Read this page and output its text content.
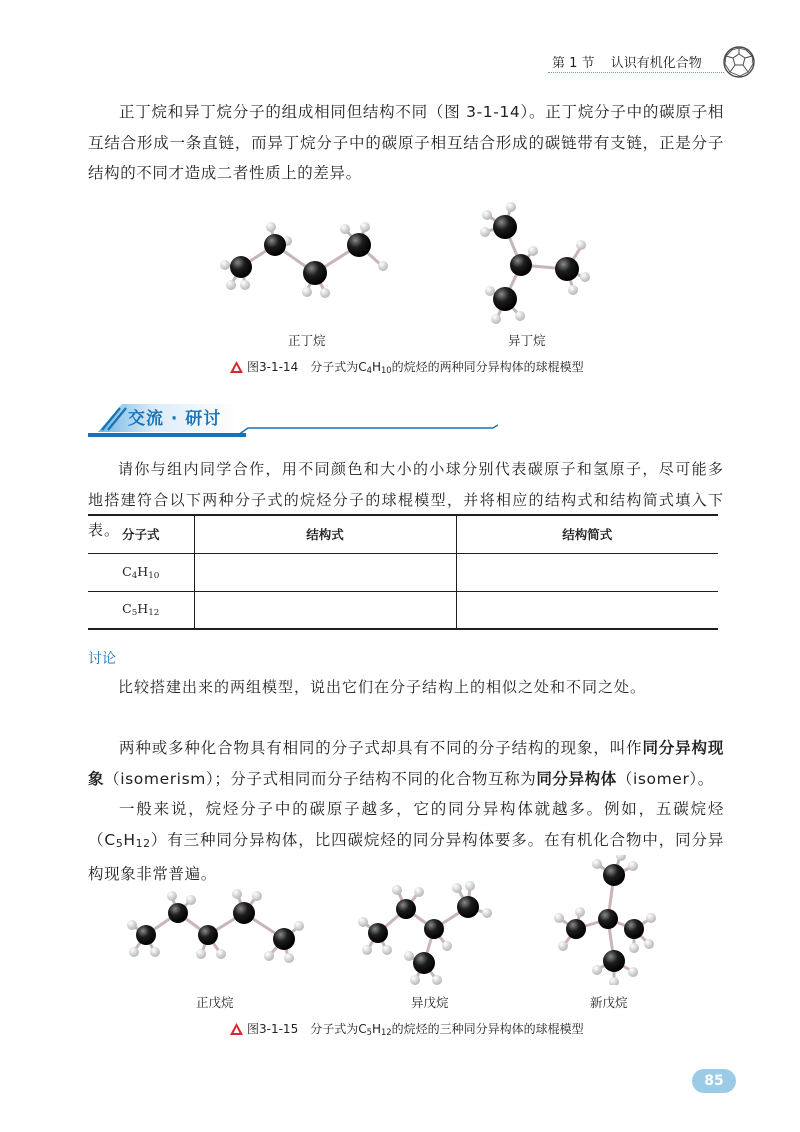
第 1 节 认识有机化合物

正丁烷和异丁烷分子的组成相同但结构不同（图 3-1-14）。正丁烷分子中的碳原子相互结合形成一条直链，而异丁烷分子中的碳原子相互结合形成的碳链带有支链，正是分子结构的不同才造成二者性质上的差异。

正丁烷	异丁烷
图3-1-14 分子式为$C_4H_{10}$的烷烃的两种同分异构体的球棍模型
交流 · 研讨

请你与组内同学合作，用不同颜色和大小的小球分别代表碳原子和氢原子，尽可能多地搭建符合以下两种分子式的烷烃分子的球棍模型，并将相应的结构式和结构简式填入下表。 分子式	结构式	结构简式
$C_4H_{10}$		
$C_5H_{12}$		
讨论

比较搭建出来的两组模型，说出它们在分子结构上的相似之处和不同之处。

两种或多种化合物具有相同的分子式却具有不同的分子结构的现象，叫作同分异构现象（isomerism）；分子式相同而分子结构不同的化合物互称为同分异构体（isomer）。

一般来说，烷烃分子中的碳原子越多，它的同分异构体就越多。例如，五碳烷烃$(C_5H_{12})$有三种同分异构体，比四碳烷烃的同分异构体要多。在有机化合物中，同分异构现象非常普遍。

正戊烷	异戊烷	新戊烷
图3-1-15 分子式为$C_5H_{12}$的烷烃的三种同分异构体的球棍模型
85
